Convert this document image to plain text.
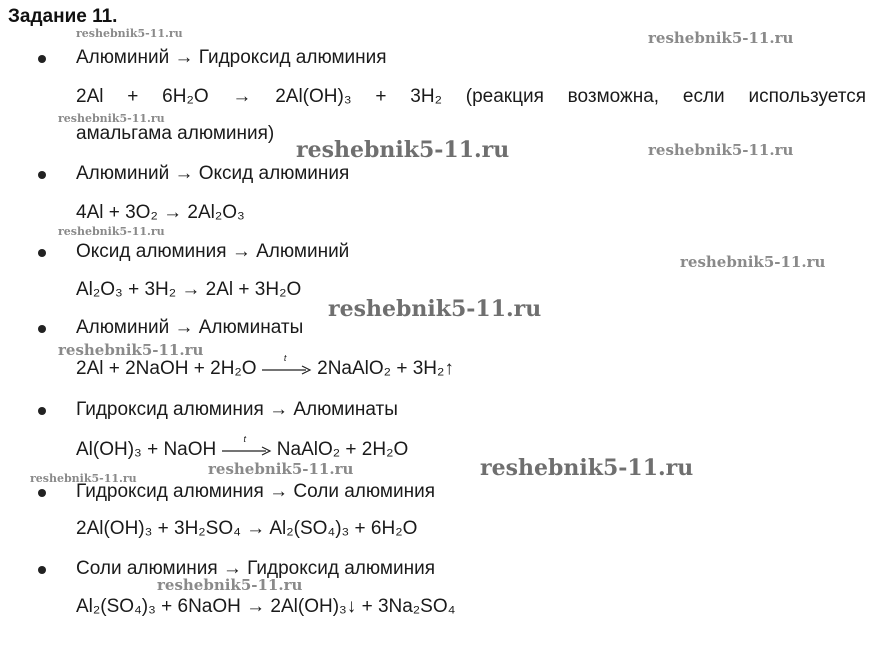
Задание 11.
Алюминий → Гидроксид алюминия
2Al + 6H₂O → 2Al(OH)₃ + 3H₂ (реакция возможна, если используется
амальгама алюминия)
Алюминий → Оксид алюминия
4Al + 3O₂ → 2Al₂O₃
Оксид алюминия → Алюминий
Al₂O₃ + 3H₂ → 2Al + 3H₂O
Алюминий → Алюминаты
2Al + 2NaOH + 2H₂O
t
2NaAlO₂ + 3H₂↑
Гидроксид алюминия → Алюминаты
Al(OH)₃ + NaOH
t
NaAlO₂ + 2H₂O
Гидроксид алюминия → Соли алюминия
2Al(OH)₃ + 3H₂SO₄ → Al₂(SO₄)₃ + 6H₂O
Соли алюминия → Гидроксид алюминия
Al₂(SO₄)₃ + 6NaOH → 2Al(OH)₃↓ + 3Na₂SO₄
reshebnik5-11.ru	reshebnik5-11.ru
reshebnik5-11.ru
reshebnik5-11.ru	reshebnik5-11.ru
reshebnik5-11.ru
reshebnik5-11.ru
reshebnik5-11.ru
reshebnik5-11.ru
reshebnik5-11.ru	reshebnik5-11.ru
reshebnik5-11.ru
reshebnik5-11.ru
